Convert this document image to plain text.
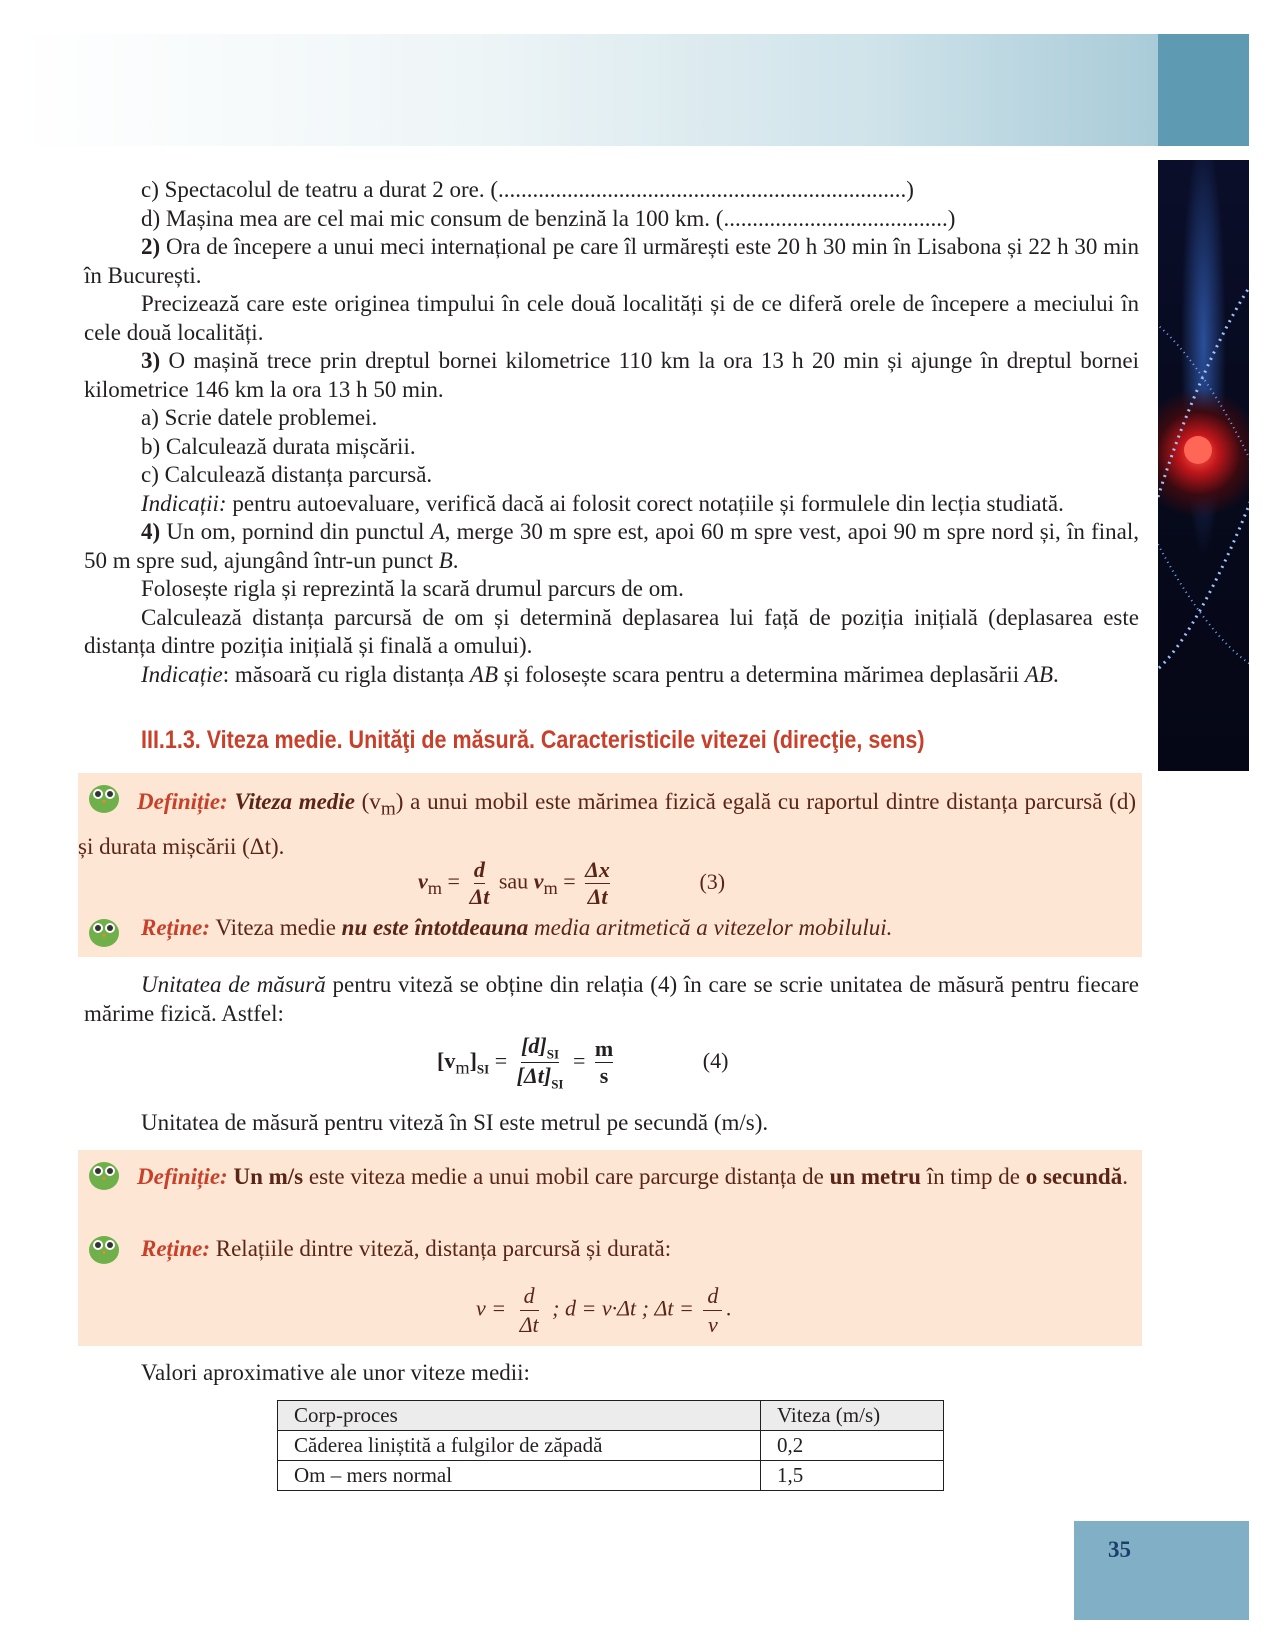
c) Spectacolul de teatru a durat 2 ore. (.......................................................................)

d) Mașina mea are cel mai mic consum de benzină la 100 km. (.......................................)

2) Ora de începere a unui meci internațional pe care îl urmărești este 20 h 30 min în Lisabona și 22 h 30 min în București.

Precizează care este originea timpului în cele două localități și de ce diferă orele de începere a meciului în cele două localități.

3) O mașină trece prin dreptul bornei kilometrice 110 km la ora 13 h 20 min și ajunge în dreptul bornei kilometrice 146 km la ora 13 h 50 min.

a) Scrie datele problemei.

b) Calculează durata mișcării.

c) Calculează distanța parcursă.

Indicații: pentru autoevaluare, verifică dacă ai folosit corect notațiile și formulele din lecția studiată.

4) Un om, pornind din punctul A, merge 30 m spre est, apoi 60 m spre vest, apoi 90 m spre nord și, în final, 50 m spre sud, ajungând într-un punct B.

Folosește rigla și reprezintă la scară drumul parcurs de om.

Calculează distanța parcursă de om și determină deplasarea lui față de poziția inițială (deplasarea este distanța dintre poziția inițială și finală a omului).

Indicație: măsoară cu rigla distanța AB și folosește scara pentru a determina mărimea deplasării AB.

III.1.3. Viteza medie. Unităţi de măsură. Caracteristicile vitezei (direcţie, sens)

Definiție: Viteza medie $(v_m)$ a unui mobil este mărimea fizică egală cu raportul dintre distanța parcursă (d) și durata mișcării (Δt).

$v_m = \frac{d}{\Delta t}$ sau $v_m = \frac{\Delta x}{\Delta t}$	(3)

Reține: Viteza medie nu este întotdeauna media aritmetică a vitezelor mobilului.

Unitatea de măsură pentru viteză se obține din relația (4) în care se scrie unitatea de măsură pentru fiecare mărime fizică. Astfel:

$[v_m]_{SI} = \frac{[d]_{SI}}{[\Delta t]_{SI}} = \frac{m}{s}$	(4)

Unitatea de măsură pentru viteză în SI este metrul pe secundă (m/s).

Definiție: Un m/s este viteza medie a unui mobil care parcurge distanța de un metru în timp de o secundă.

Reține: Relațiile dintre viteză, distanța parcursă și durată:

$v = \frac{d}{\Delta t}$ ; d = v·Δt ; $\Delta t = \frac{d}{v}$ .

Valori aproximative ale unor viteze medii:

Corp-proces	Viteza (m/s)
Căderea liniștită a fulgilor de zăpadă	0,2
Om – mers normal	1,5
35
